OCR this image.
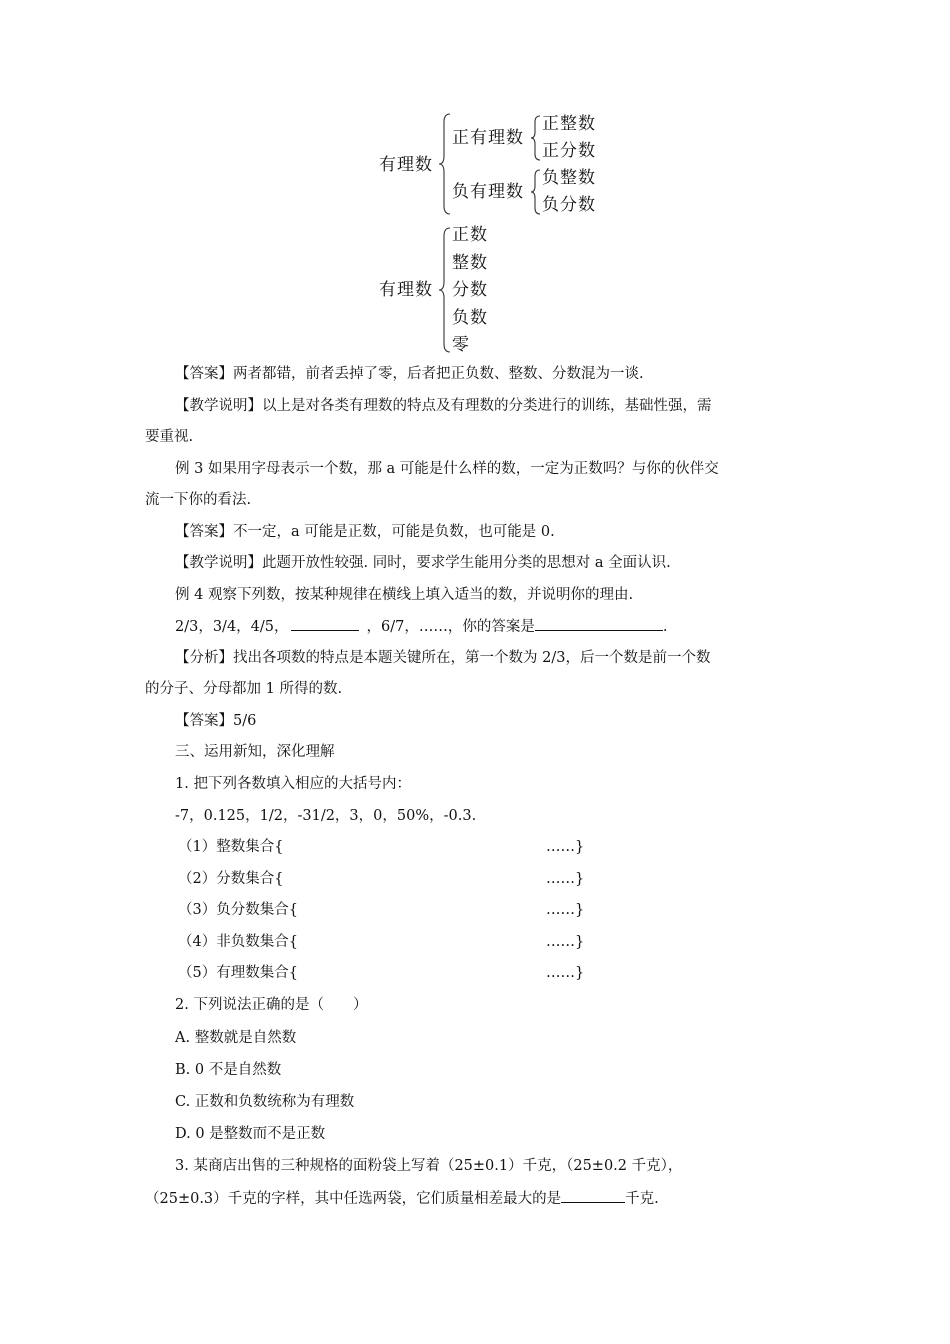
有理数
正有理数
正整数
正分数
负有理数
负整数
负分数
有理数
正数
整数
分数
负数
零
【答案】两者都错，前者丢掉了零，后者把正负数、整数、分数混为一谈.
【教学说明】以上是对各类有理数的特点及有理数的分类进行的训练，基础性强，需
要重视.
例 3 如果用字母表示一个数，那 a 可能是什么样的数，一定为正数吗？与你的伙伴交
流一下你的看法.
【答案】不一定，a 可能是正数，可能是负数，也可能是 0.
【教学说明】此题开放性较强. 同时，要求学生能用分类的思想对 a 全面认识.
例 4 观察下列数，按某种规律在横线上填入适当的数，并说明你的理由.
2/3，3/4，4/5，	，6/7，……，你的答案是	.
【分析】找出各项数的特点是本题关键所在，第一个数为 2/3，后一个数是前一个数
的分子、分母都加 1 所得的数.
【答案】5/6
三、运用新知，深化理解
1. 把下列各数填入相应的大括号内：
-7，0.125，1/2，-31/2，3，0，50%，-0.3.
（1）整数集合{	……}
（2）分数集合{	……}
（3）负分数集合{	……}
（4）非负数集合{	……}
（5）有理数集合{	……}
2. 下列说法正确的是（　　）
A. 整数就是自然数
B. 0 不是自然数
C. 正数和负数统称为有理数
D. 0 是整数而不是正数
3. 某商店出售的三种规格的面粉袋上写着（25±0.1）千克，（25±0.2 千克），
（25±0.3）千克的字样，其中任选两袋，它们质量相差最大的是	千克.
